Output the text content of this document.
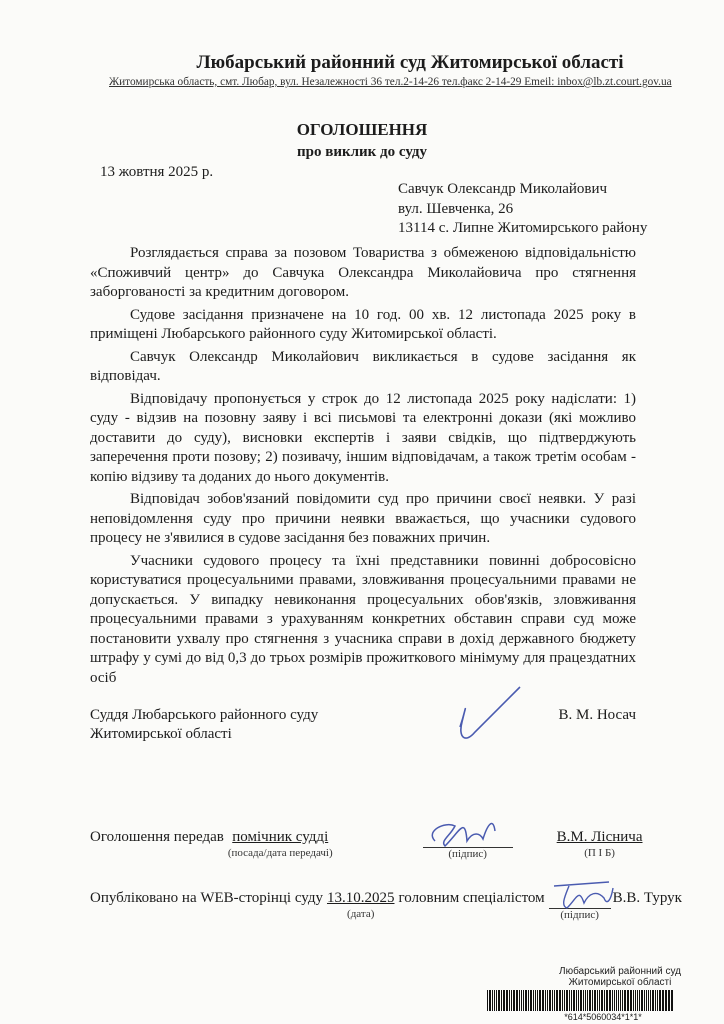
Любарський районний суд Житомирської області
Житомирська область, смт. Любар, вул. Незалежності 36 тел.2-14-26 тел.факс 2-14-29 Emeil: inbox@lb.zt.court.gov.ua
ОГОЛОШЕННЯ
про виклик до суду
13 жовтня 2025 р.
Савчук Олександр Миколайович
вул. Шевченка, 26
13114 с. Липне Житомирського району

Розглядається справа за позовом Товариства з обмеженою відповідальністю «Споживчий центр» до Савчука Олександра Миколайовича про стягнення заборгованості за кредитним договором.

Судове засідання призначене на 10 год. 00 хв. 12 листопада 2025 року в приміщені Любарського районного суду Житомирської області.

Савчук Олександр Миколайович викликається в судове засідання як відповідач.

Відповідачу пропонується у строк до 12 листопада 2025 року надіслати: 1) суду - відзив на позовну заяву і всі письмові та електронні докази (які можливо доставити до суду), висновки експертів і заяви свідків, що підтверджують заперечення проти позову; 2) позивачу, іншим відповідачам, а також третім особам - копію відзиву та доданих до нього документів.

Відповідач зобов'язаний повідомити суд про причини своєї неявки. У разі неповідомлення суду про причини неявки вважається, що учасники судового процесу не з'явилися в судове засідання без поважних причин.

Учасники судового процесу та їхні представники повинні добросовісно користуватися процесуальними правами, зловживання процесуальними правами не допускається. У випадку невиконання процесуальних обов'язків, зловживання процесуальними правами з урахуванням конкретних обставин справи суд може постановити ухвалу про стягнення з учасника справи в дохід державного бюджету штрафу у сумі до від 0,3 до трьох розмірів прожиткового мінімуму для працездатних осіб

Суддя Любарського районного суду
Житомирської області
В. М. Носач
Оголошення передав помічник судді
(посада/дата передачі)	(підпис)
В.М. Ліснича
(П І Б)
Опубліковано на WEB-сторінці суду 13.10.2025
(дата)
головним спеціалістом
(підпис)
В.В. Турук
Любарський районний суд
Житомирської області
*614*5060034*1*1*
